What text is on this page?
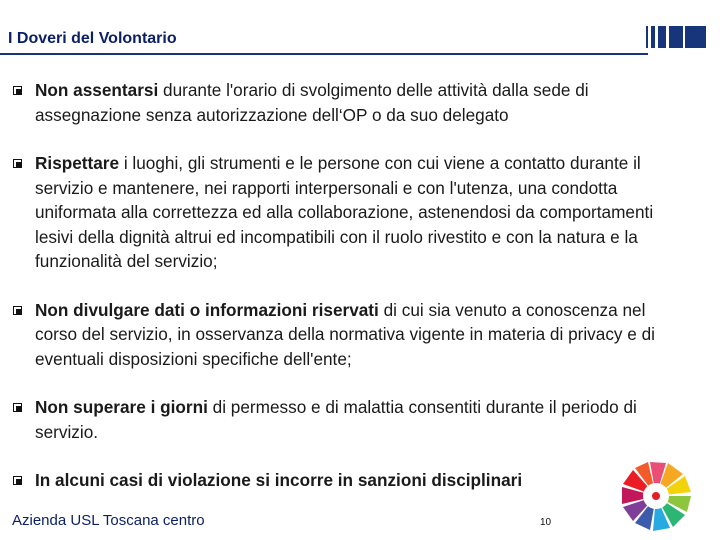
I Doveri del Volontario
Non assentarsi durante l'orario di svolgimento delle attività dalla sede di assegnazione senza autorizzazione dell‘OP o da suo delegato
Rispettare i luoghi, gli strumenti e le persone con cui viene a contatto durante il servizio e mantenere, nei rapporti interpersonali e con l'utenza, una condotta uniformata alla correttezza ed alla collaborazione, astenendosi da comportamenti lesivi della dignità altrui ed incompatibili con il ruolo rivestito e con la natura e la funzionalità del servizio;
Non divulgare dati o informazioni riservati di cui sia venuto a conoscenza nel corso del servizio, in osservanza della normativa vigente in materia di privacy e di eventuali disposizioni specifiche dell'ente;
Non superare i giorni di permesso e di malattia consentiti durante il periodo di servizio.
In alcuni casi di violazione si incorre in sanzioni disciplinari
Azienda USL Toscana centro	10
